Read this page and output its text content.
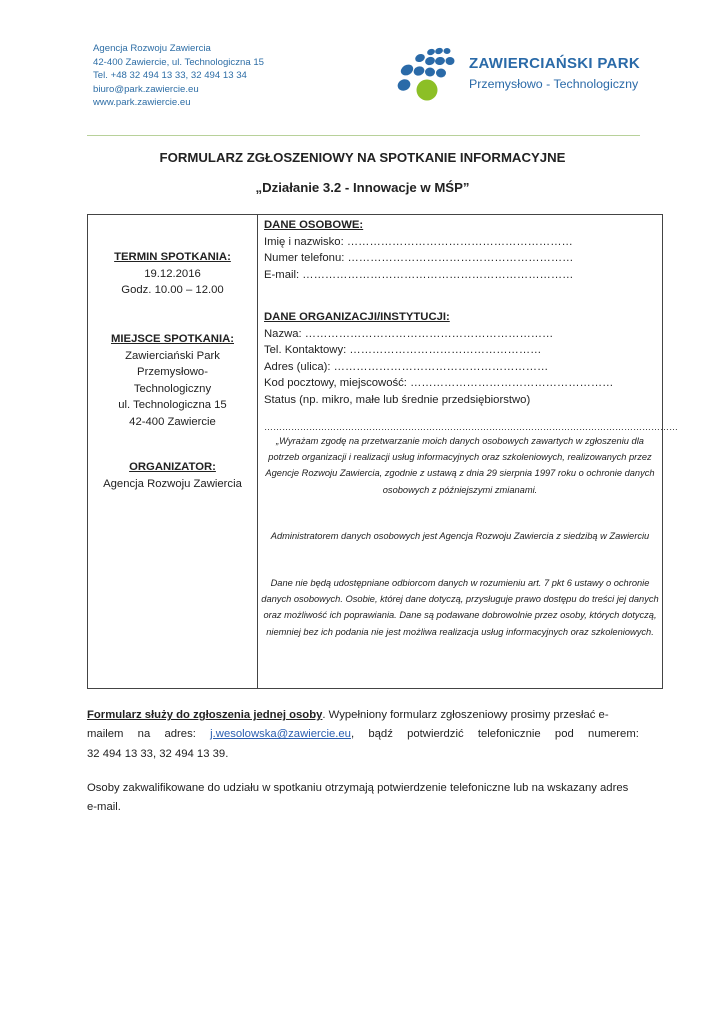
Agencja Rozwoju Zawiercia
42-400 Zawiercie, ul. Technologiczna 15
Tel. +48 32 494 13 33, 32 494 13 34
biuro@park.zawiercie.eu
www.park.zawiercie.eu
ZAWIERCIAŃSKI PARK
Przemysłowo - Technologiczny
FORMULARZ ZGŁOSZENIOWY NA SPOTKANIE INFORMACYJNE
„Działanie 3.2 - Innowacje w MŚP”
TERMIN SPOTKANIA:
19.12.2016
Godz. 10.00 – 12.00
MIEJSCE SPOTKANIA:
Zawierciański Park
Przemysłowo-
Technologiczny
ul. Technologiczna 15
42-400 Zawiercie
ORGANIZATOR:
Agencja Rozwoju Zawiercia
DANE OSOBOWE:
Imię i nazwisko: ……………………………………………………
Numer telefonu: ……………………………………………………
E-mail: ………………………………………………………………
DANE ORGANIZACJI/INSTYTUCJI:
Nazwa: …………………………………………………………
Tel. Kontaktowy: ……………………………………………
Adres (ulica): …………………………………………………
Kod pocztowy, miejscowość: ………………………………………………
Status (np. mikro, małe lub średnie przedsiębiorstwo)
…………………………………………………………………………………………………………………………
„Wyrażam zgodę na przetwarzanie moich danych osobowych zawartych w zgłoszeniu dla potrzeb organizacji i realizacji usług informacyjnych oraz szkoleniowych, realizowanych przez Agencje Rozwoju Zawiercia, zgodnie z ustawą z dnia 29 sierpnia 1997 roku o ochronie danych osobowych z późniejszymi zmianami.
Administratorem danych osobowych jest Agencja Rozwoju Zawiercia z siedzibą w Zawierciu
Dane nie będą udostępniane odbiorcom danych w rozumieniu art. 7 pkt 6 ustawy o ochronie danych osobowych. Osobie, której dane dotyczą, przysługuje prawo dostępu do treści jej danych oraz możliwość ich poprawiania. Dane są podawane dobrowolnie przez osoby, których dotyczą, niemniej bez ich podania nie jest możliwa realizacja usług informacyjnych oraz szkoleniowych.
Formularz służy do zgłoszenia jednej osoby. Wypełniony formularz zgłoszeniowy prosimy przesłać e-
mailem na adres: j.wesolowska@zawiercie.eu, bądź potwierdzić telefonicznie pod numerem:
32 494 13 33, 32 494 13 39.
Osoby zakwalifikowane do udziału w spotkaniu otrzymają potwierdzenie telefoniczne lub na wskazany adres e-mail.
